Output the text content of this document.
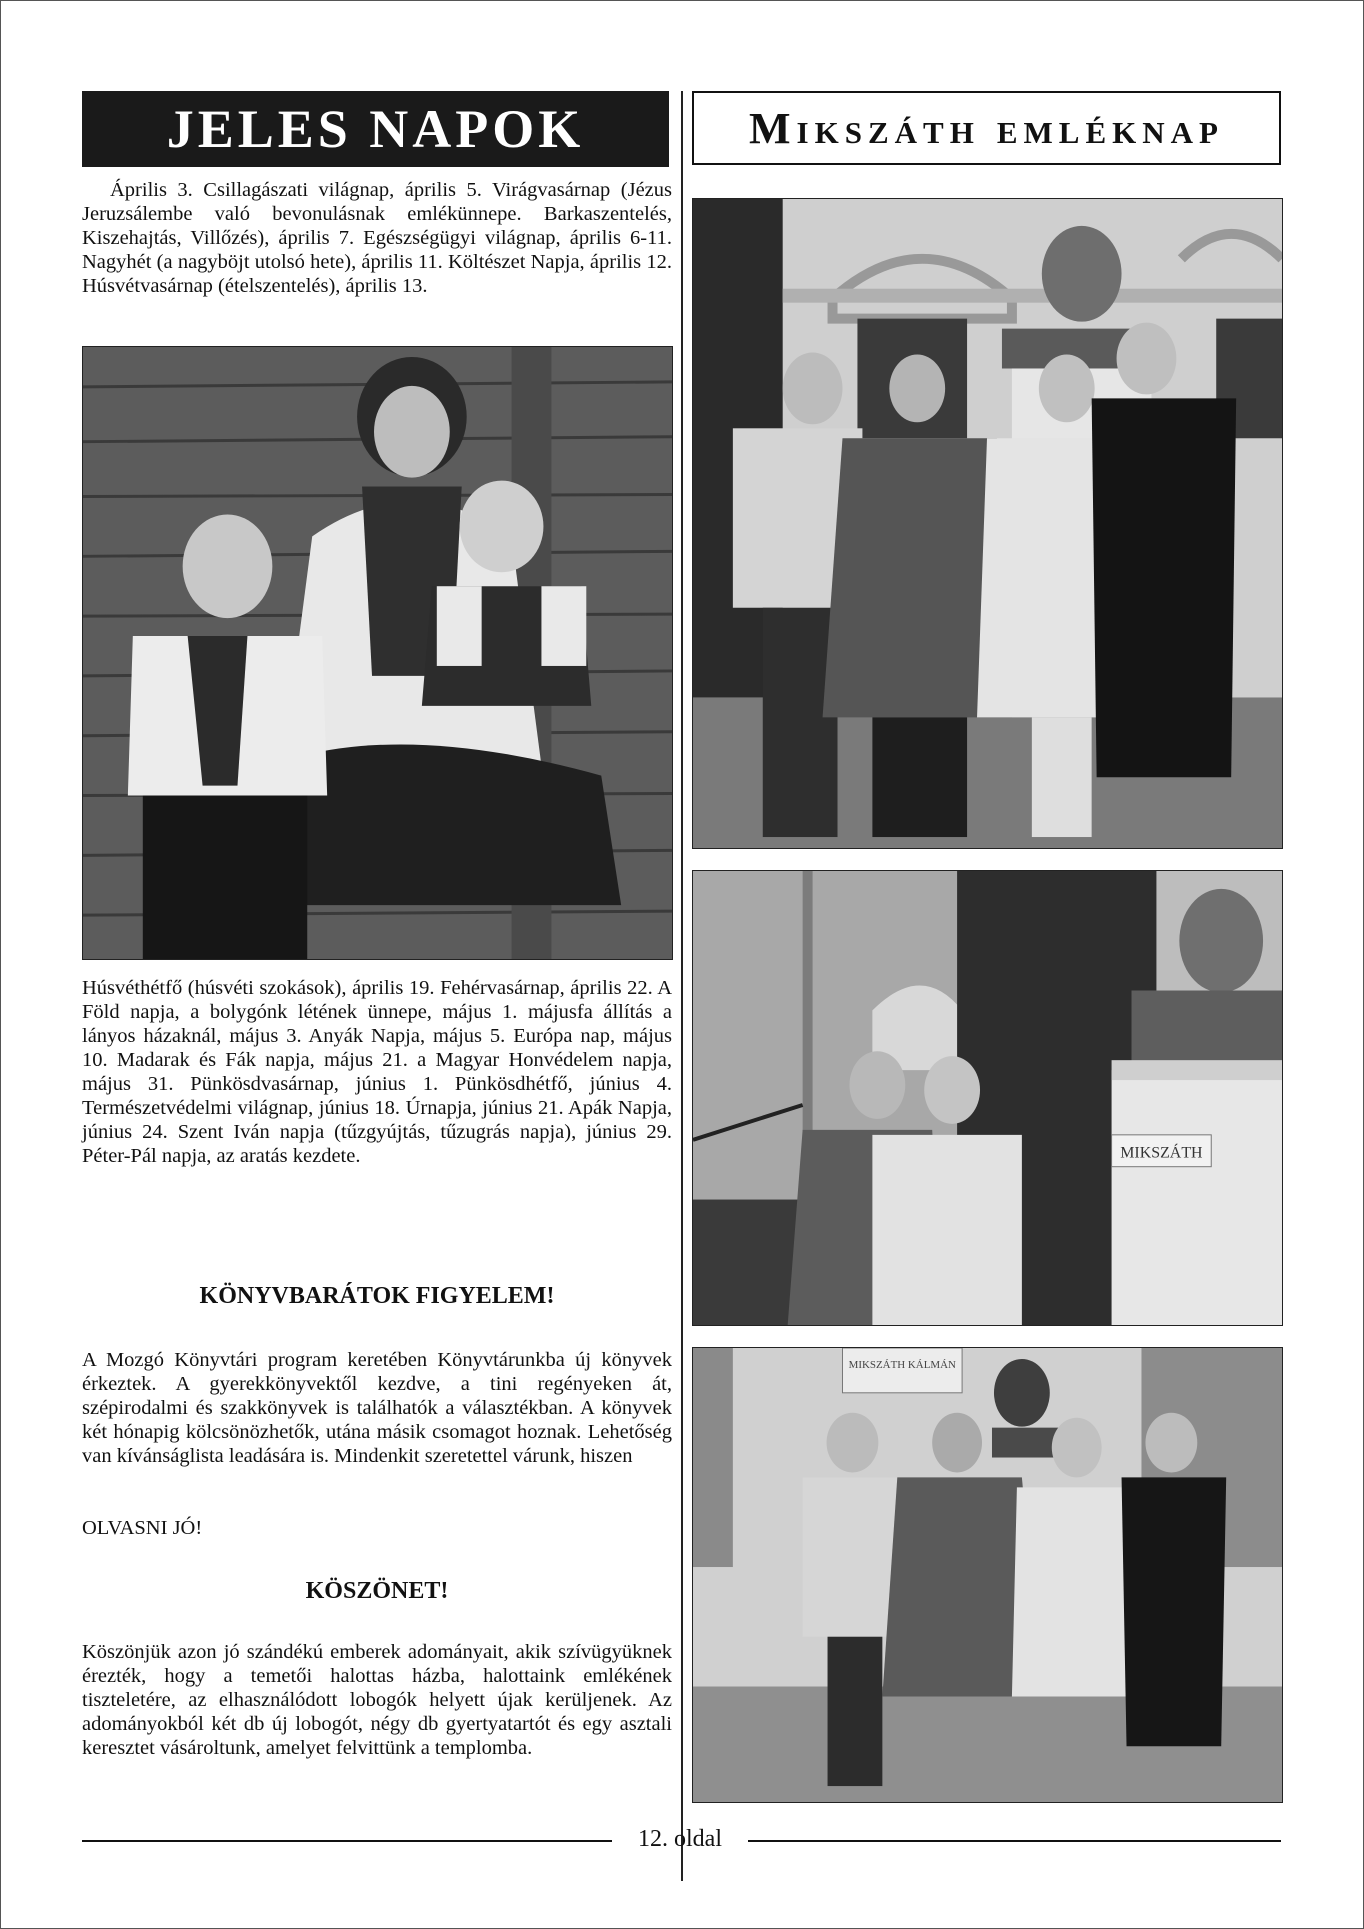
JELES NAPOK

Április 3. Csillagászati világnap, április 5. Virágvasárnap (Jézus Jeruzsálembe való bevonulásnak emlékünnepe. Barkaszentelés, Kiszehajtás, Villőzés), április 7. Egészségügyi világnap, április 6-11. Nagyhét (a nagyböjt utolsó hete), április 11. Költészet Napja, április 12. Húsvétvasárnap (ételszentelés), április 13.

Húsvéthétfő (húsvéti szokások), április 19. Fehérvasárnap, április 22. A Föld napja, a bolygónk létének ünnepe, május 1. májusfa állítás a lányos házaknál, május 3. Anyák Napja, május 5. Európa nap, május 10. Madarak és Fák napja, május 21. a Magyar Honvédelem napja, május 31. Pünkösdvasárnap, június 1. Pünkösdhétfő, június 4. Természetvédelmi világnap, június 18. Úrnapja, június 21. Apák Napja, június 24. Szent Iván napja (tűzgyújtás, tűzugrás napja), június 29. Péter-Pál napja, az aratás kezdete.

KÖNYVBARÁTOK FIGYELEM!

A Mozgó Könyvtári program keretében Könyvtárunkba új könyvek érkeztek. A gyerekkönyvektől kezdve, a tini regényeken át, szépirodalmi és szakkönyvek is találhatók a választékban. A könyvek két hónapig kölcsönözhetők, utána másik csomagot hoznak. Lehetőség van kívánságlista leadására is. Mindenkit szeretettel várunk, hiszen

OLVASNI JÓ!

KÖSZÖNET!

Köszönjük azon jó szándékú emberek adományait, akik szívügyüknek érezték, hogy a temetői halottas házba, halottaink emlékének tiszteletére, az elhasználódott lobogók helyett újak kerüljenek. Az adományokból két db új lobogót, négy db gyertyatartót és egy asztali keresztet vásároltunk, amelyet felvittünk a templomba.

Mikszáth emléknap
MIKSZÁTH
MIKSZÁTH KÁLMÁN
12. oldal
